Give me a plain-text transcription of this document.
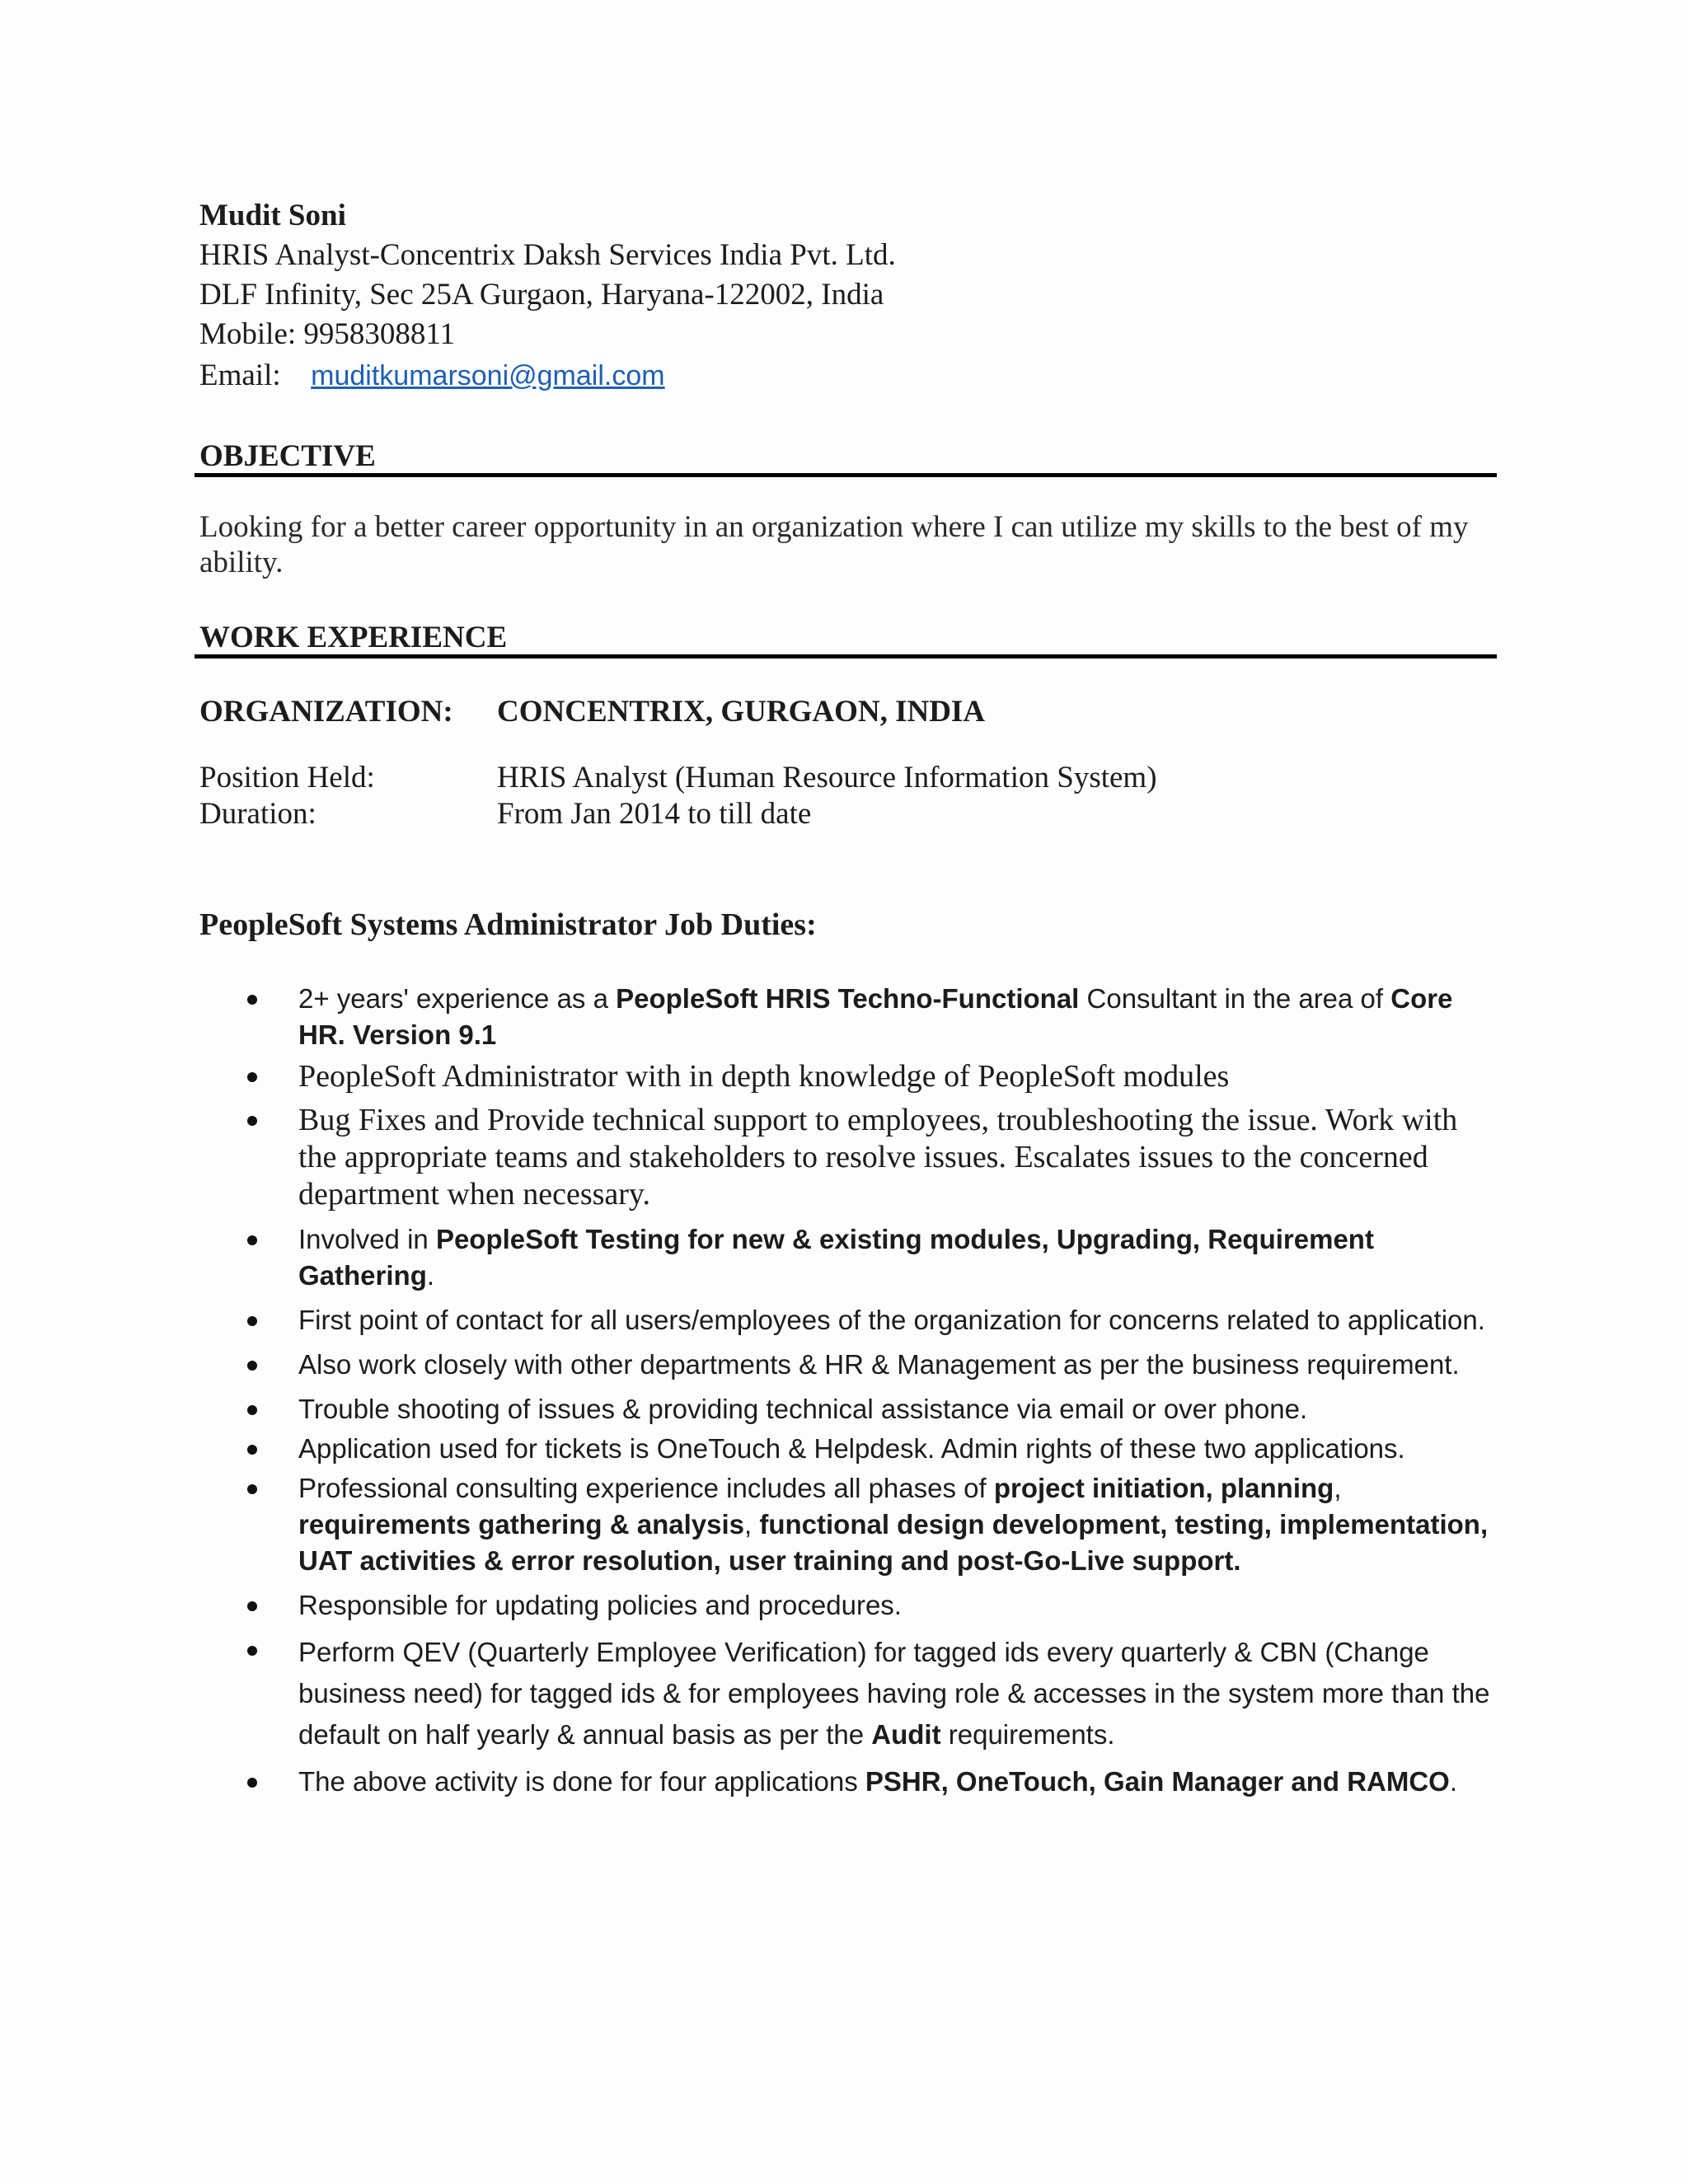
Mudit Soni
HRIS Analyst-Concentrix Daksh Services India Pvt. Ltd.
DLF Infinity, Sec 25A Gurgaon, Haryana-122002, India
Mobile: 9958308811
Email: muditkumarsoni@gmail.com
OBJECTIVE
Looking for a better career opportunity in an organization where I can utilize my skills to the best of my ability.
WORK EXPERIENCE
ORGANIZATION: CONCENTRIX, GURGAON, INDIA
Position Held:	HRIS Analyst (Human Resource Information System)
Duration:	From Jan 2014 to till date
PeopleSoft Systems Administrator Job Duties:
2+ years' experience as a PeopleSoft HRIS Techno-Functional Consultant in the area of Core HR. Version 9.1
PeopleSoft Administrator with in depth knowledge of PeopleSoft modules
Bug Fixes and Provide technical support to employees, troubleshooting the issue. Work with the appropriate teams and stakeholders to resolve issues. Escalates issues to the concerned department when necessary.
Involved in PeopleSoft Testing for new & existing modules, Upgrading, Requirement Gathering.
First point of contact for all users/employees of the organization for concerns related to application.
Also work closely with other departments & HR & Management as per the business requirement.
Trouble shooting of issues & providing technical assistance via email or over phone.
Application used for tickets is OneTouch & Helpdesk. Admin rights of these two applications.
Professional consulting experience includes all phases of project initiation, planning, requirements gathering & analysis, functional design development, testing, implementation, UAT activities & error resolution, user training and post-Go-Live support.
Responsible for updating policies and procedures.
Perform QEV (Quarterly Employee Verification) for tagged ids every quarterly & CBN (Change business need) for tagged ids & for employees having role & accesses in the system more than the default on half yearly & annual basis as per the Audit requirements.
The above activity is done for four applications PSHR, OneTouch, Gain Manager and RAMCO.
